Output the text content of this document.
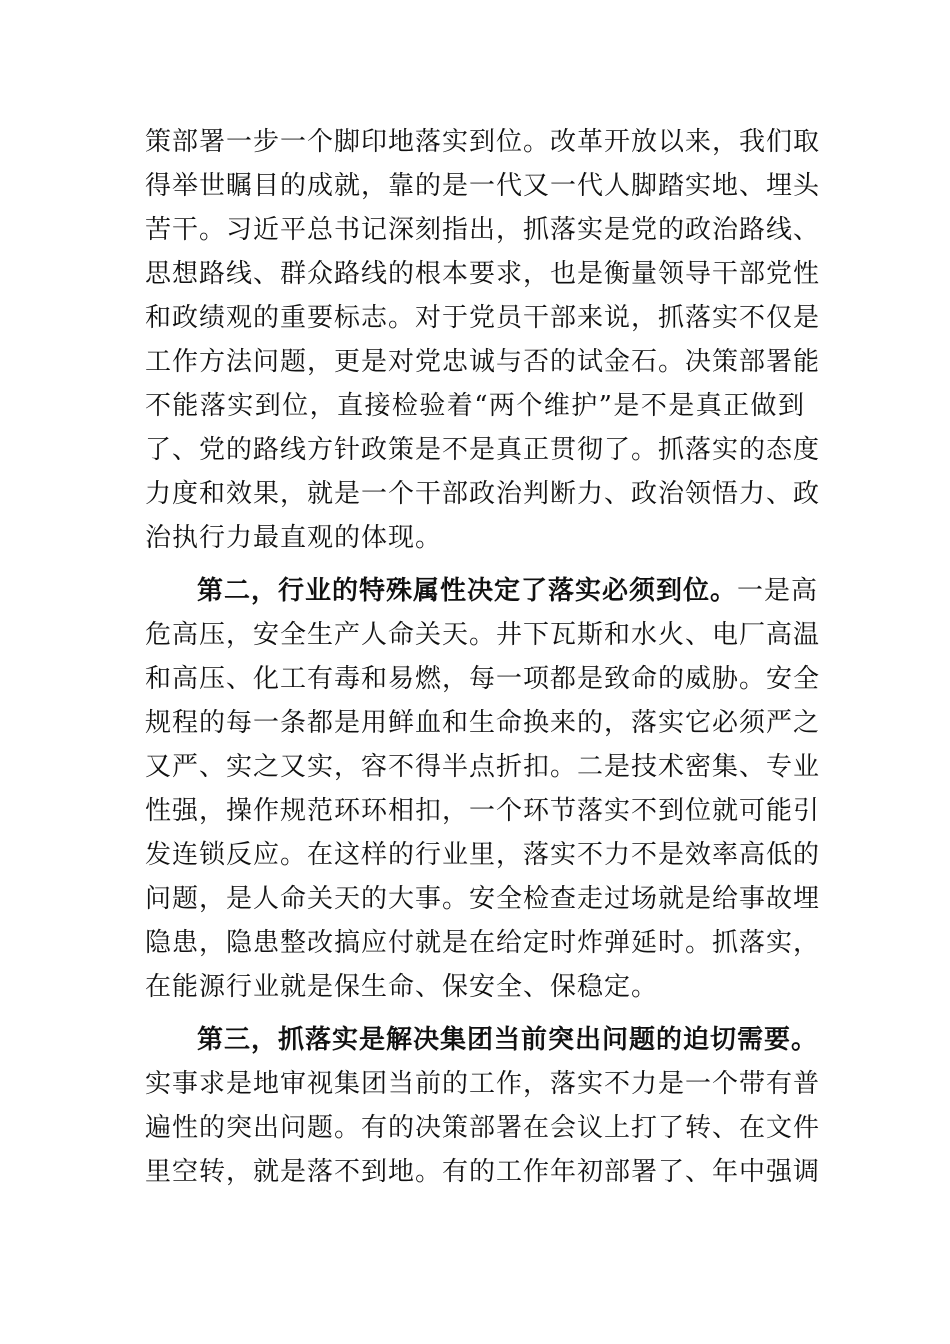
策部署一步一个脚印地落实到位。改革开放以来，我们取
得举世瞩目的成就，靠的是一代又一代人脚踏实地、埋头
苦干。习近平总书记深刻指出，抓落实是党的政治路线、
思想路线、群众路线的根本要求，也是衡量领导干部党性
和政绩观的重要标志。对于党员干部来说，抓落实不仅是
工作方法问题，更是对党忠诚与否的试金石。决策部署能
不能落实到位，直接检验着“两个维护”是不是真正做到
了、党的路线方针政策是不是真正贯彻了。抓落实的态度
力度和效果，就是一个干部政治判断力、政治领悟力、政
治执行力最直观的体现。
第二，行业的特殊属性决定了落实必须到位。一是高
危高压，安全生产人命关天。井下瓦斯和水火、电厂高温
和高压、化工有毒和易燃，每一项都是致命的威胁。安全
规程的每一条都是用鲜血和生命换来的，落实它必须严之
又严、实之又实，容不得半点折扣。二是技术密集、专业
性强，操作规范环环相扣，一个环节落实不到位就可能引
发连锁反应。在这样的行业里，落实不力不是效率高低的
问题，是人命关天的大事。安全检查走过场就是给事故埋
隐患，隐患整改搞应付就是在给定时炸弹延时。抓落实，
在能源行业就是保生命、保安全、保稳定。
第三，抓落实是解决集团当前突出问题的迫切需要。
实事求是地审视集团当前的工作，落实不力是一个带有普
遍性的突出问题。有的决策部署在会议上打了转、在文件
里空转，就是落不到地。有的工作年初部署了、年中强调
